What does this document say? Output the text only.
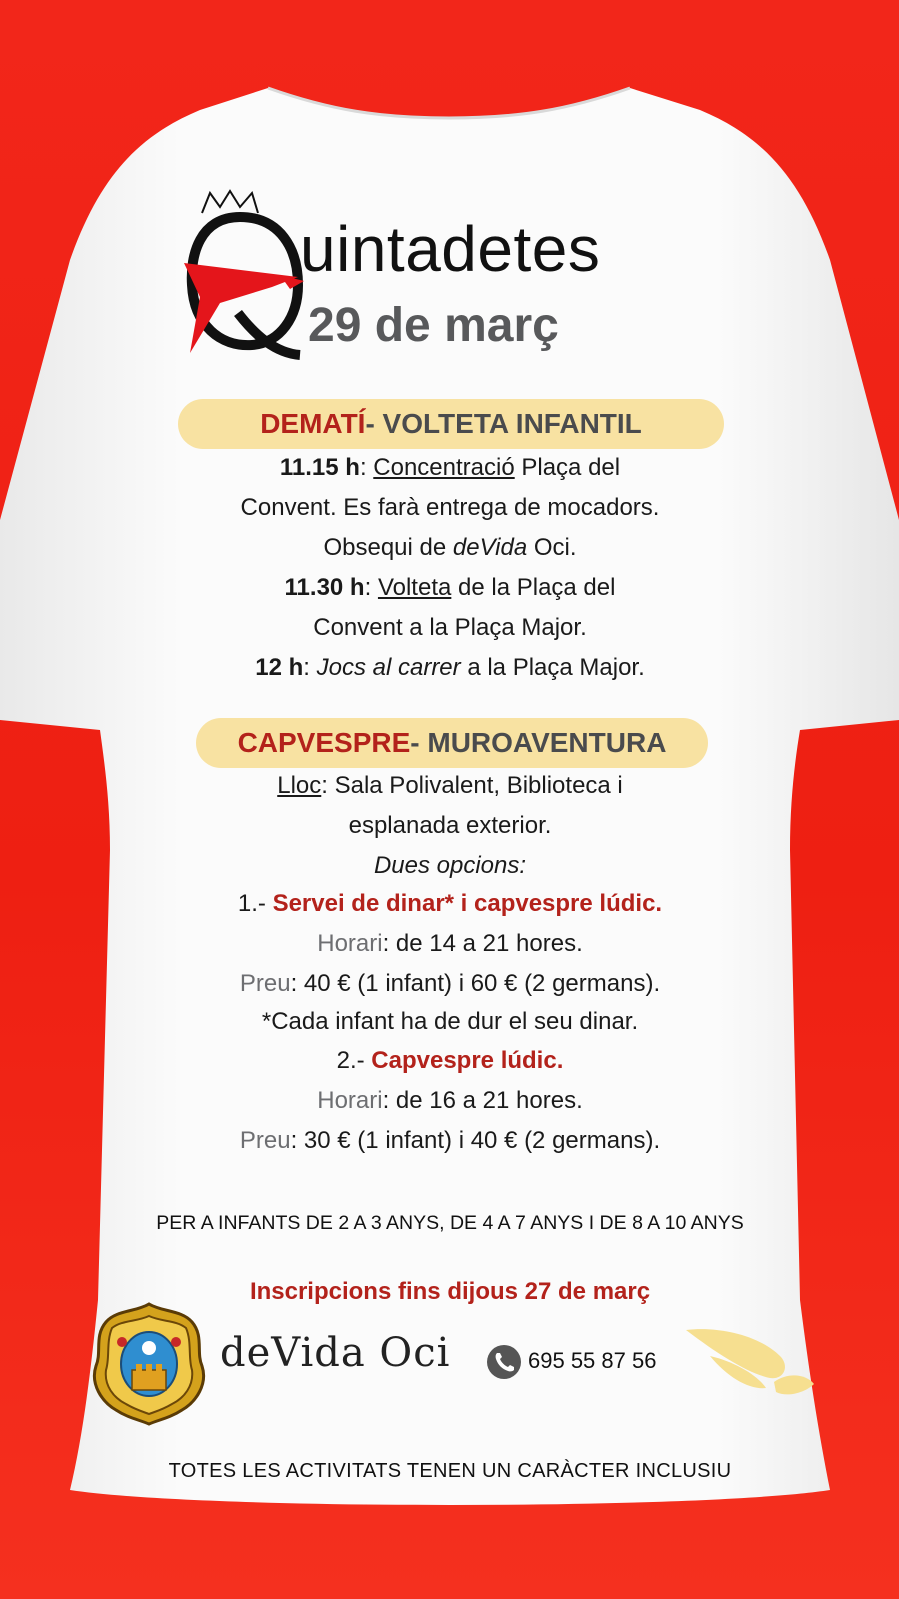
uintadetes
29 de març
DEMATÍ - VOLTETA INFANTIL
11.15 h: Concentració Plaça del
Convent. Es farà entrega de mocadors.
Obsequi de deVida Oci.
11.30 h: Volteta de la Plaça del
Convent a la Plaça Major.
12 h: Jocs al carrer a la Plaça Major.
CAPVESPRE - MUROAVENTURA
Lloc: Sala Polivalent, Biblioteca i
esplanada exterior.
Dues opcions:
1.- Servei de dinar* i capvespre lúdic.
Horari: de 14 a 21 hores.
Preu: 40 € (1 infant) i 60 € (2 germans).
*Cada infant ha de dur el seu dinar.
2.- Capvespre lúdic.
Horari: de 16 a 21 hores.
Preu: 30 € (1 infant) i 40 € (2 germans).
PER A INFANTS DE 2 A 3 ANYS, DE 4 A 7 ANYS I DE 8 A 10 ANYS
Inscripcions fins dijous 27 de març
deVida Oci	695 55 87 56
TOTES LES ACTIVITATS TENEN UN CARÀCTER INCLUSIU
